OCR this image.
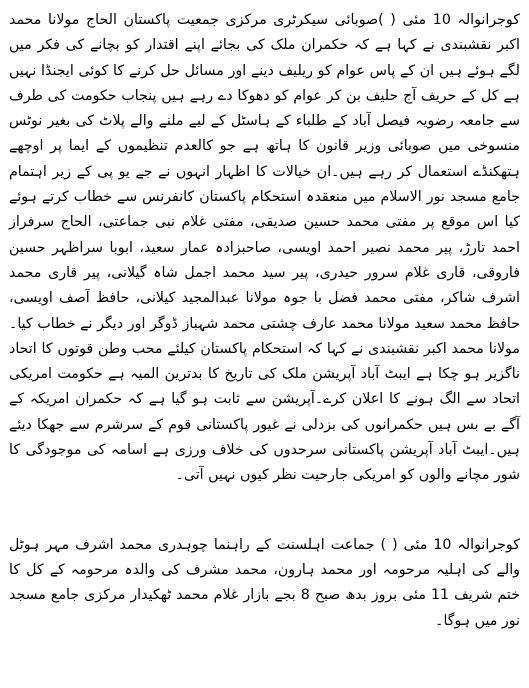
کوجرانوالہ 10 مئی ( )صوبائی سیکرٹری مرکزی جمعیت پاکستان الحاج مولانا محمد اکبر نقشبندی نے کہا ہے کہ حکمران ملک کی بجائے اپنے اقتدار کو بچانے کی فکر میں لگے ہوئے ہیں ان کے پاس عوام کو ریلیف دینے اور مسائل حل کرنے کا کوئی ایجنڈا نہیں ہے کل کے حریف آج حلیف بن کر عوام کو دھوکا دے رہے ہیں پنجاب حکومت کی طرف سے جامعہ رضویہ فیصل آباد کے طلباء کے ہاسٹل کے لیے ملنے والے پلاٹ کی بغیر نوٹس منسوخی میں صوبائی وزیر قانون کا ہاتھ ہے جو کالعدم تنظیموں کے ایما پر اوچھے ہتھکنڈے استعمال کر رہے ہیں۔ان خیالات کا اظہار انہوں نے جے یو پی کے زیر اہتمام جامع مسجد نور الاسلام میں منعقدہ استحکام پاکستان کانفرنس سے خطاب کرتے ہوئے کیا اس موقع پر مفتی محمد حسین صدیقی، مفتی غلام نبی جماعتی، الحاج سرفراز احمد تارڑ، پیر محمد نصیر احمد اویسی، صاحبزادہ عمار سعید، ابوبا سراظہر حسین فاروقی، قاری غلام سرور حیدری، پیر سید محمد اجمل شاہ گیلانی، پیر قاری محمد اشرف شاکر، مفتی محمد فضل با جوہ مولانا عبدالمجید کیلانی، حافظ آصف اویسی، حافظ محمد سعید مولانا محمد عارف چشتی محمد شہباز ڈوگر اور دیگر نے خطاب کیا۔مولانا محمد اکبر نقشبندی نے کہا کہ استحکام پاکستان کیلئے محب وطن قوتوں کا اتحاد ناگزیر ہو چکا ہے ایبٹ آباد آپریشن ملک کی تاریخ کا بدترین المیہ ہے حکومت امریکی اتحاد سے الگ ہونے کا اعلان کرے۔آپریشن سے ثابت ہو گیا ہے کہ حکمران امریکہ کے آگے بے بس ہیں حکمرانوں کی بزدلی نے غیور پاکستانی قوم کے سرشرم سے جھکا دیئے ہیں۔ایبٹ آباد آپریشن پاکستانی سرحدوں کی خلاف ورزی ہے اسامہ کی موجودگی کا شور مچانے والوں کو امریکی جارحیت نظر کیوں نہیں آتی۔

کوجرانوالہ 10 مئی ( ) جماعت اہلسنت کے راہنما چوہدری محمد اشرف مہر ہوٹل والے کی اہلیہ مرحومہ اور محمد ہارون، محمد مشرف کی والدہ مرحومہ کے کل کا ختم شریف 11 مئی بروز بدھ صبح 8 بجے بازار غلام محمد ٹھکیدار مرکزی جامع مسجد نور میں ہوگا۔
